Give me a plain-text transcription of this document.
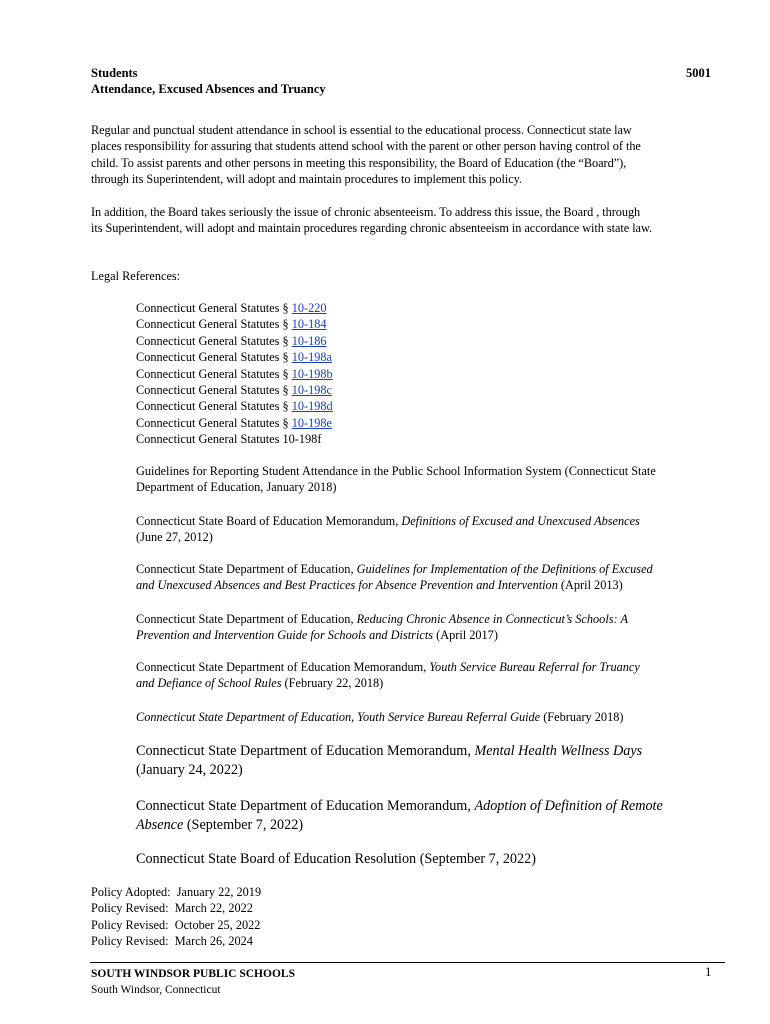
Students	5001
Attendance, Excused Absences and Truancy
Regular and punctual student attendance in school is essential to the educational process. Connecticut state law
places responsibility for assuring that students attend school with the parent or other person having control of the
child. To assist parents and other persons in meeting this responsibility, the Board of Education (the “Board”),
through its Superintendent, will adopt and maintain procedures to implement this policy.
In addition, the Board takes seriously the issue of chronic absenteeism. To address this issue, the Board , through
its Superintendent, will adopt and maintain procedures regarding chronic absenteeism in accordance with state law.
Legal References:
Connecticut General Statutes § 10-220
Connecticut General Statutes § 10-184
Connecticut General Statutes § 10-186
Connecticut General Statutes § 10-198a
Connecticut General Statutes § 10-198b
Connecticut General Statutes § 10-198c
Connecticut General Statutes § 10-198d
Connecticut General Statutes § 10-198e
Connecticut General Statutes 10-198f
Guidelines for Reporting Student Attendance in the Public School Information System (Connecticut State
Department of Education, January 2018)
Connecticut State Board of Education Memorandum, Definitions of Excused and Unexcused Absences
(June 27, 2012)
Connecticut State Department of Education, Guidelines for Implementation of the Definitions of Excused
and Unexcused Absences and Best Practices for Absence Prevention and Intervention (April 2013)
Connecticut State Department of Education, Reducing Chronic Absence in Connecticut’s Schools: A
Prevention and Intervention Guide for Schools and Districts (April 2017)
Connecticut State Department of Education Memorandum, Youth Service Bureau Referral for Truancy
and Defiance of School Rules (February 22, 2018)
Connecticut State Department of Education, Youth Service Bureau Referral Guide (February 2018)
Connecticut State Department of Education Memorandum, Mental Health Wellness Days
(January 24, 2022)
Connecticut State Department of Education Memorandum, Adoption of Definition of Remote
Absence (September 7, 2022)
Connecticut State Board of Education Resolution (September 7, 2022)
Policy Adopted: January 22, 2019
Policy Revised: March 22, 2022
Policy Revised: October 25, 2022
Policy Revised: March 26, 2024
SOUTH WINDSOR PUBLIC SCHOOLS
South Windsor, Connecticut
1
